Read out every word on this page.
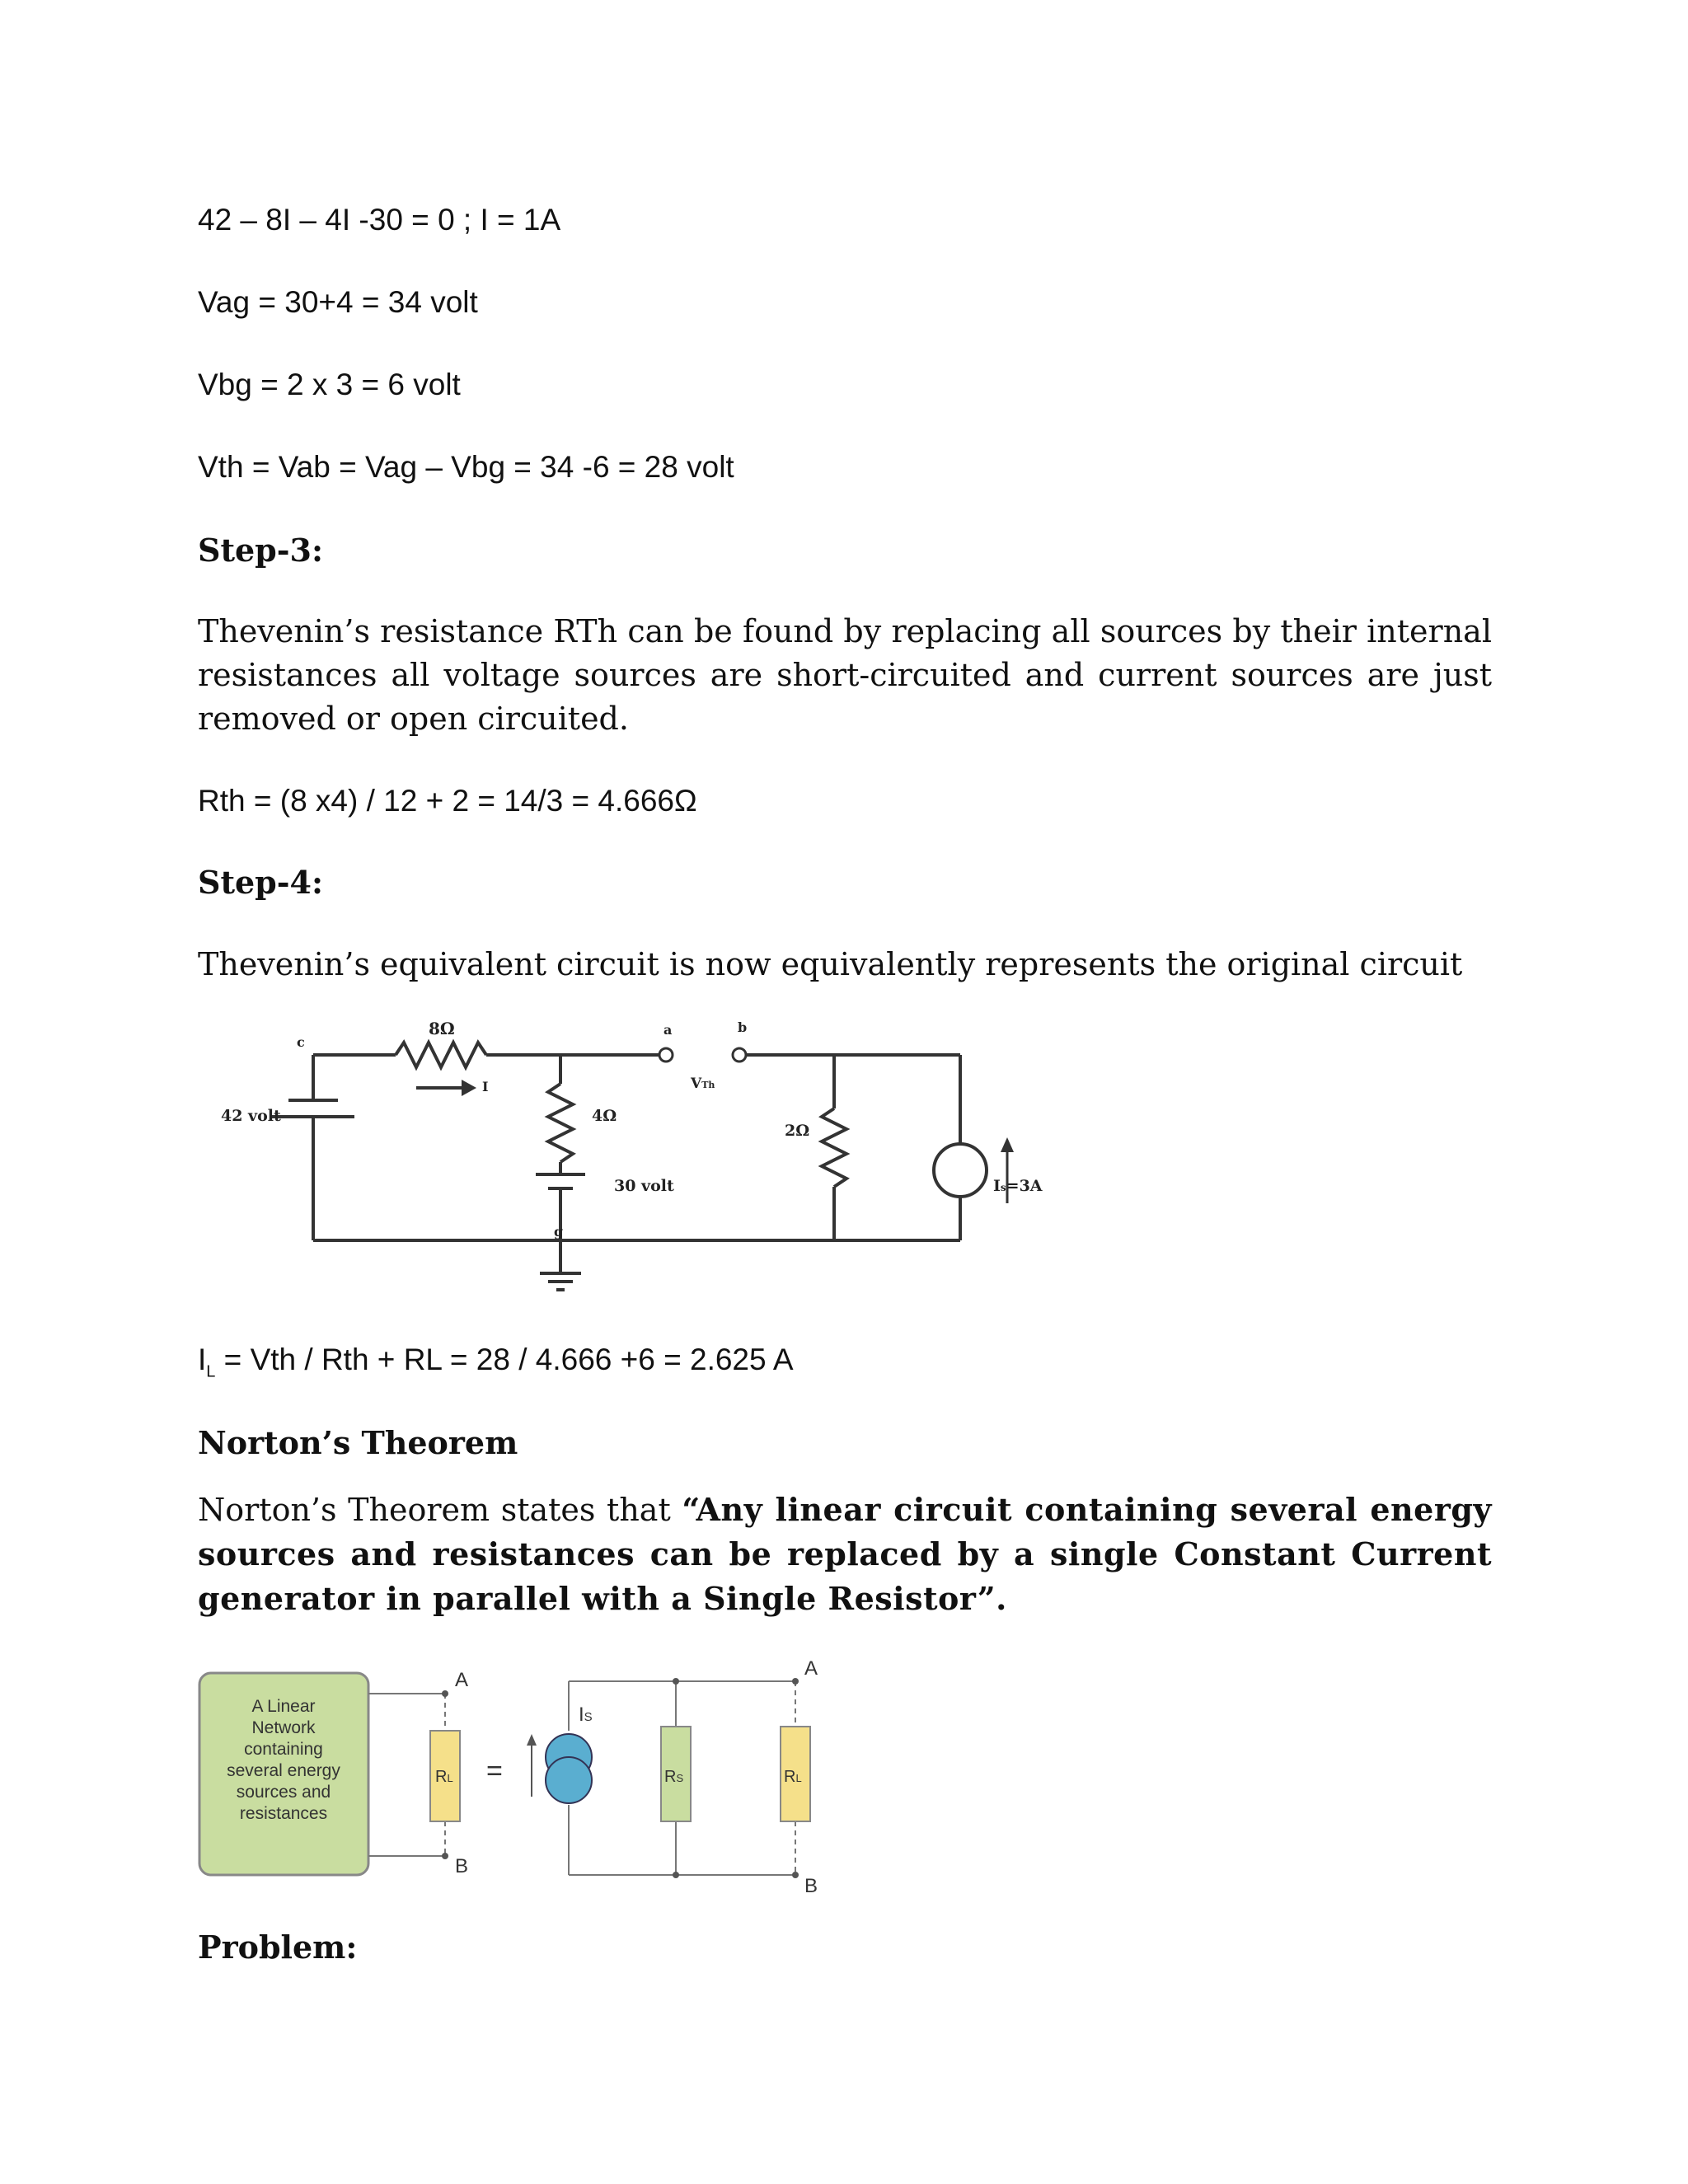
42 – 8I – 4I -30 = 0 ; I = 1A
Vag = 30+4 = 34 volt
Vbg = 2 x 3 = 6 volt
Vth = Vab = Vag – Vbg = 34 -6 = 28 volt
Step-3:
Thevenin’s resistance RTh can be found by replacing all sources by their internal resistances all voltage sources are short-circuited and current sources are just removed or open circuited.
Rth = (8 x4) / 12 + 2 = 14/3 = 4.666Ω
Step-4:
Thevenin’s equivalent circuit is now equivalently represents the original circuit
8Ω
c
a	b
I
42 volt	4Ω
VTh
2Ω
30 volt
g
Is=3A
$I_L$ = Vth / Rth + RL = 28 / 4.666 +6 = 2.625 A
Norton’s Theorem
Norton’s Theorem states that “Any linear circuit containing several energy sources and resistances can be replaced by a single Constant Current generator in parallel with a Single Resistor”.
A Linear
Network
containing
several energy
sources and
resistances
RL
A
B
=
IS
RS	RL
A
B
Problem:
